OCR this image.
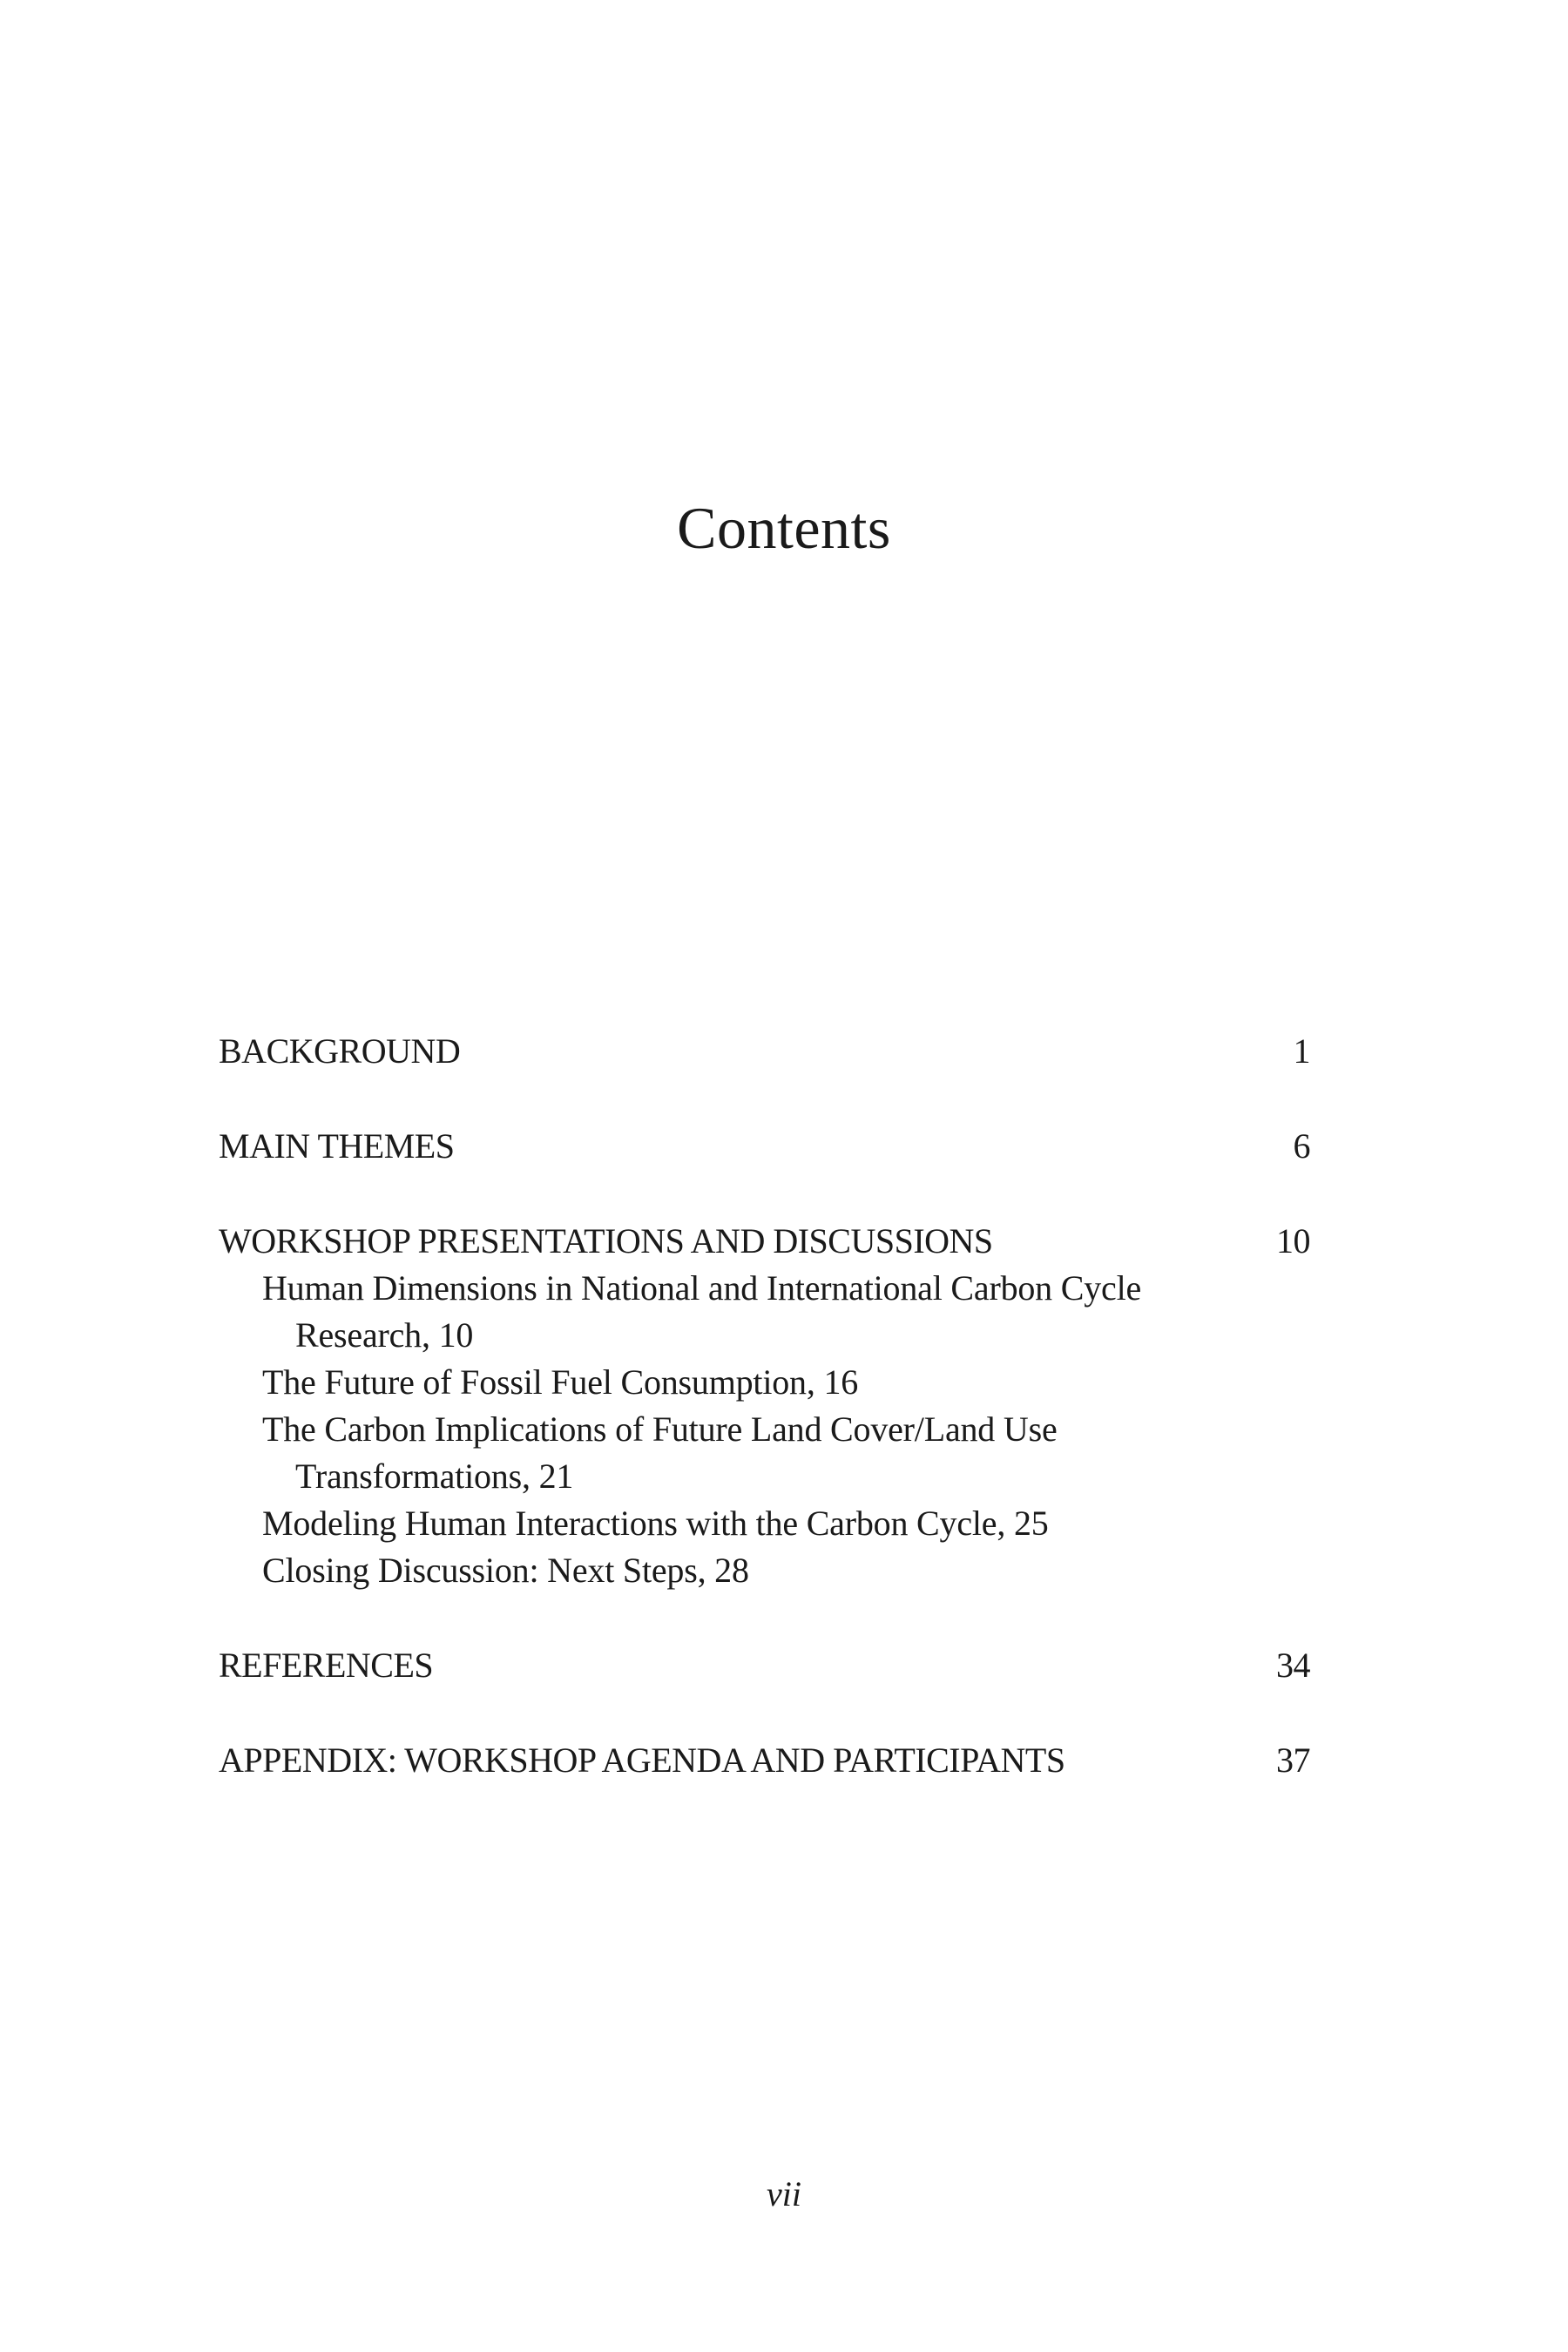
Contents
BACKGROUND	1
MAIN THEMES	6
WORKSHOP PRESENTATIONS AND DISCUSSIONS	10
Human Dimensions in National and International Carbon Cycle
Research, 10
The Future of Fossil Fuel Consumption, 16
The Carbon Implications of Future Land Cover/Land Use
Transformations, 21
Modeling Human Interactions with the Carbon Cycle, 25
Closing Discussion: Next Steps, 28
REFERENCES	34
APPENDIX: WORKSHOP AGENDA AND PARTICIPANTS	37
vii
